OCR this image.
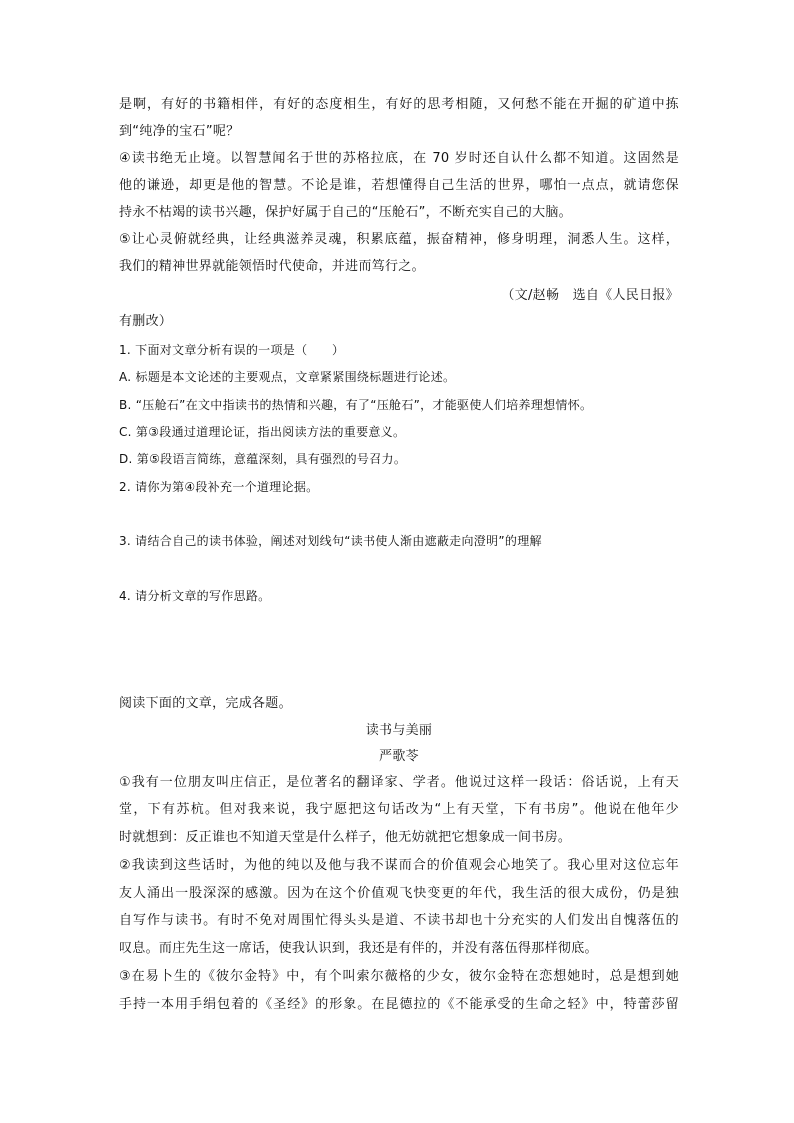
是啊，有好的书籍相伴，有好的态度相生，有好的思考相随，又何愁不能在开掘的矿道中拣
到“纯净的宝石”呢？
④读书绝无止境。以智慧闻名于世的苏格拉底，在 70 岁时还自认什么都不知道。这固然是
他的谦逊，却更是他的智慧。不论是谁，若想懂得自己生活的世界，哪怕一点点，就请您保
持永不枯竭的读书兴趣，保护好属于自己的“压舱石”，不断充实自己的大脑。
⑤让心灵俯就经典，让经典滋养灵魂，积累底蕴，振奋精神，修身明理，洞悉人生。这样，
我们的精神世界就能领悟时代使命，并进而笃行之。
（文/赵畅　选自《人民日报》
有删改）
1. 下面对文章分析有误的一项是（　　）
A. 标题是本文论述的主要观点，文章紧紧围绕标题进行论述。
B. “压舱石”在文中指读书的热情和兴趣，有了“压舱石”，才能驱使人们培养理想情怀。
C. 第③段通过道理论证，指出阅读方法的重要意义。
D. 第⑤段语言简练，意蕴深刻，具有强烈的号召力。
2. 请你为第④段补充一个道理论据。
3. 请结合自己的读书体验，阐述对划线句“读书使人渐由遮蔽走向澄明”的理解
4. 请分析文章的写作思路。
阅读下面的文章，完成各题。
读书与美丽
严歌苓
①我有一位朋友叫庄信正，是位著名的翻译家、学者。他说过这样一段话：俗话说，上有天
堂，下有苏杭。但对我来说，我宁愿把这句话改为“上有天堂，下有书房”。他说在他年少
时就想到：反正谁也不知道天堂是什么样子，他无妨就把它想象成一间书房。
②我读到这些话时，为他的纯以及他与我不谋而合的价值观会心地笑了。我心里对这位忘年
友人涌出一股深深的感激。因为在这个价值观飞快变更的年代，我生活的很大成份，仍是独
自写作与读书。有时不免对周围忙得头头是道、不读书却也十分充实的人们发出自愧落伍的
叹息。而庄先生这一席话，使我认识到，我还是有伴的，并没有落伍得那样彻底。
③在易卜生的《彼尔金特》中，有个叫索尔薇格的少女，彼尔金特在恋想她时，总是想到她
手持一本用手绢包着的《圣经》的形象。在昆德拉的《不能承受的生命之轻》中，特蕾莎留
